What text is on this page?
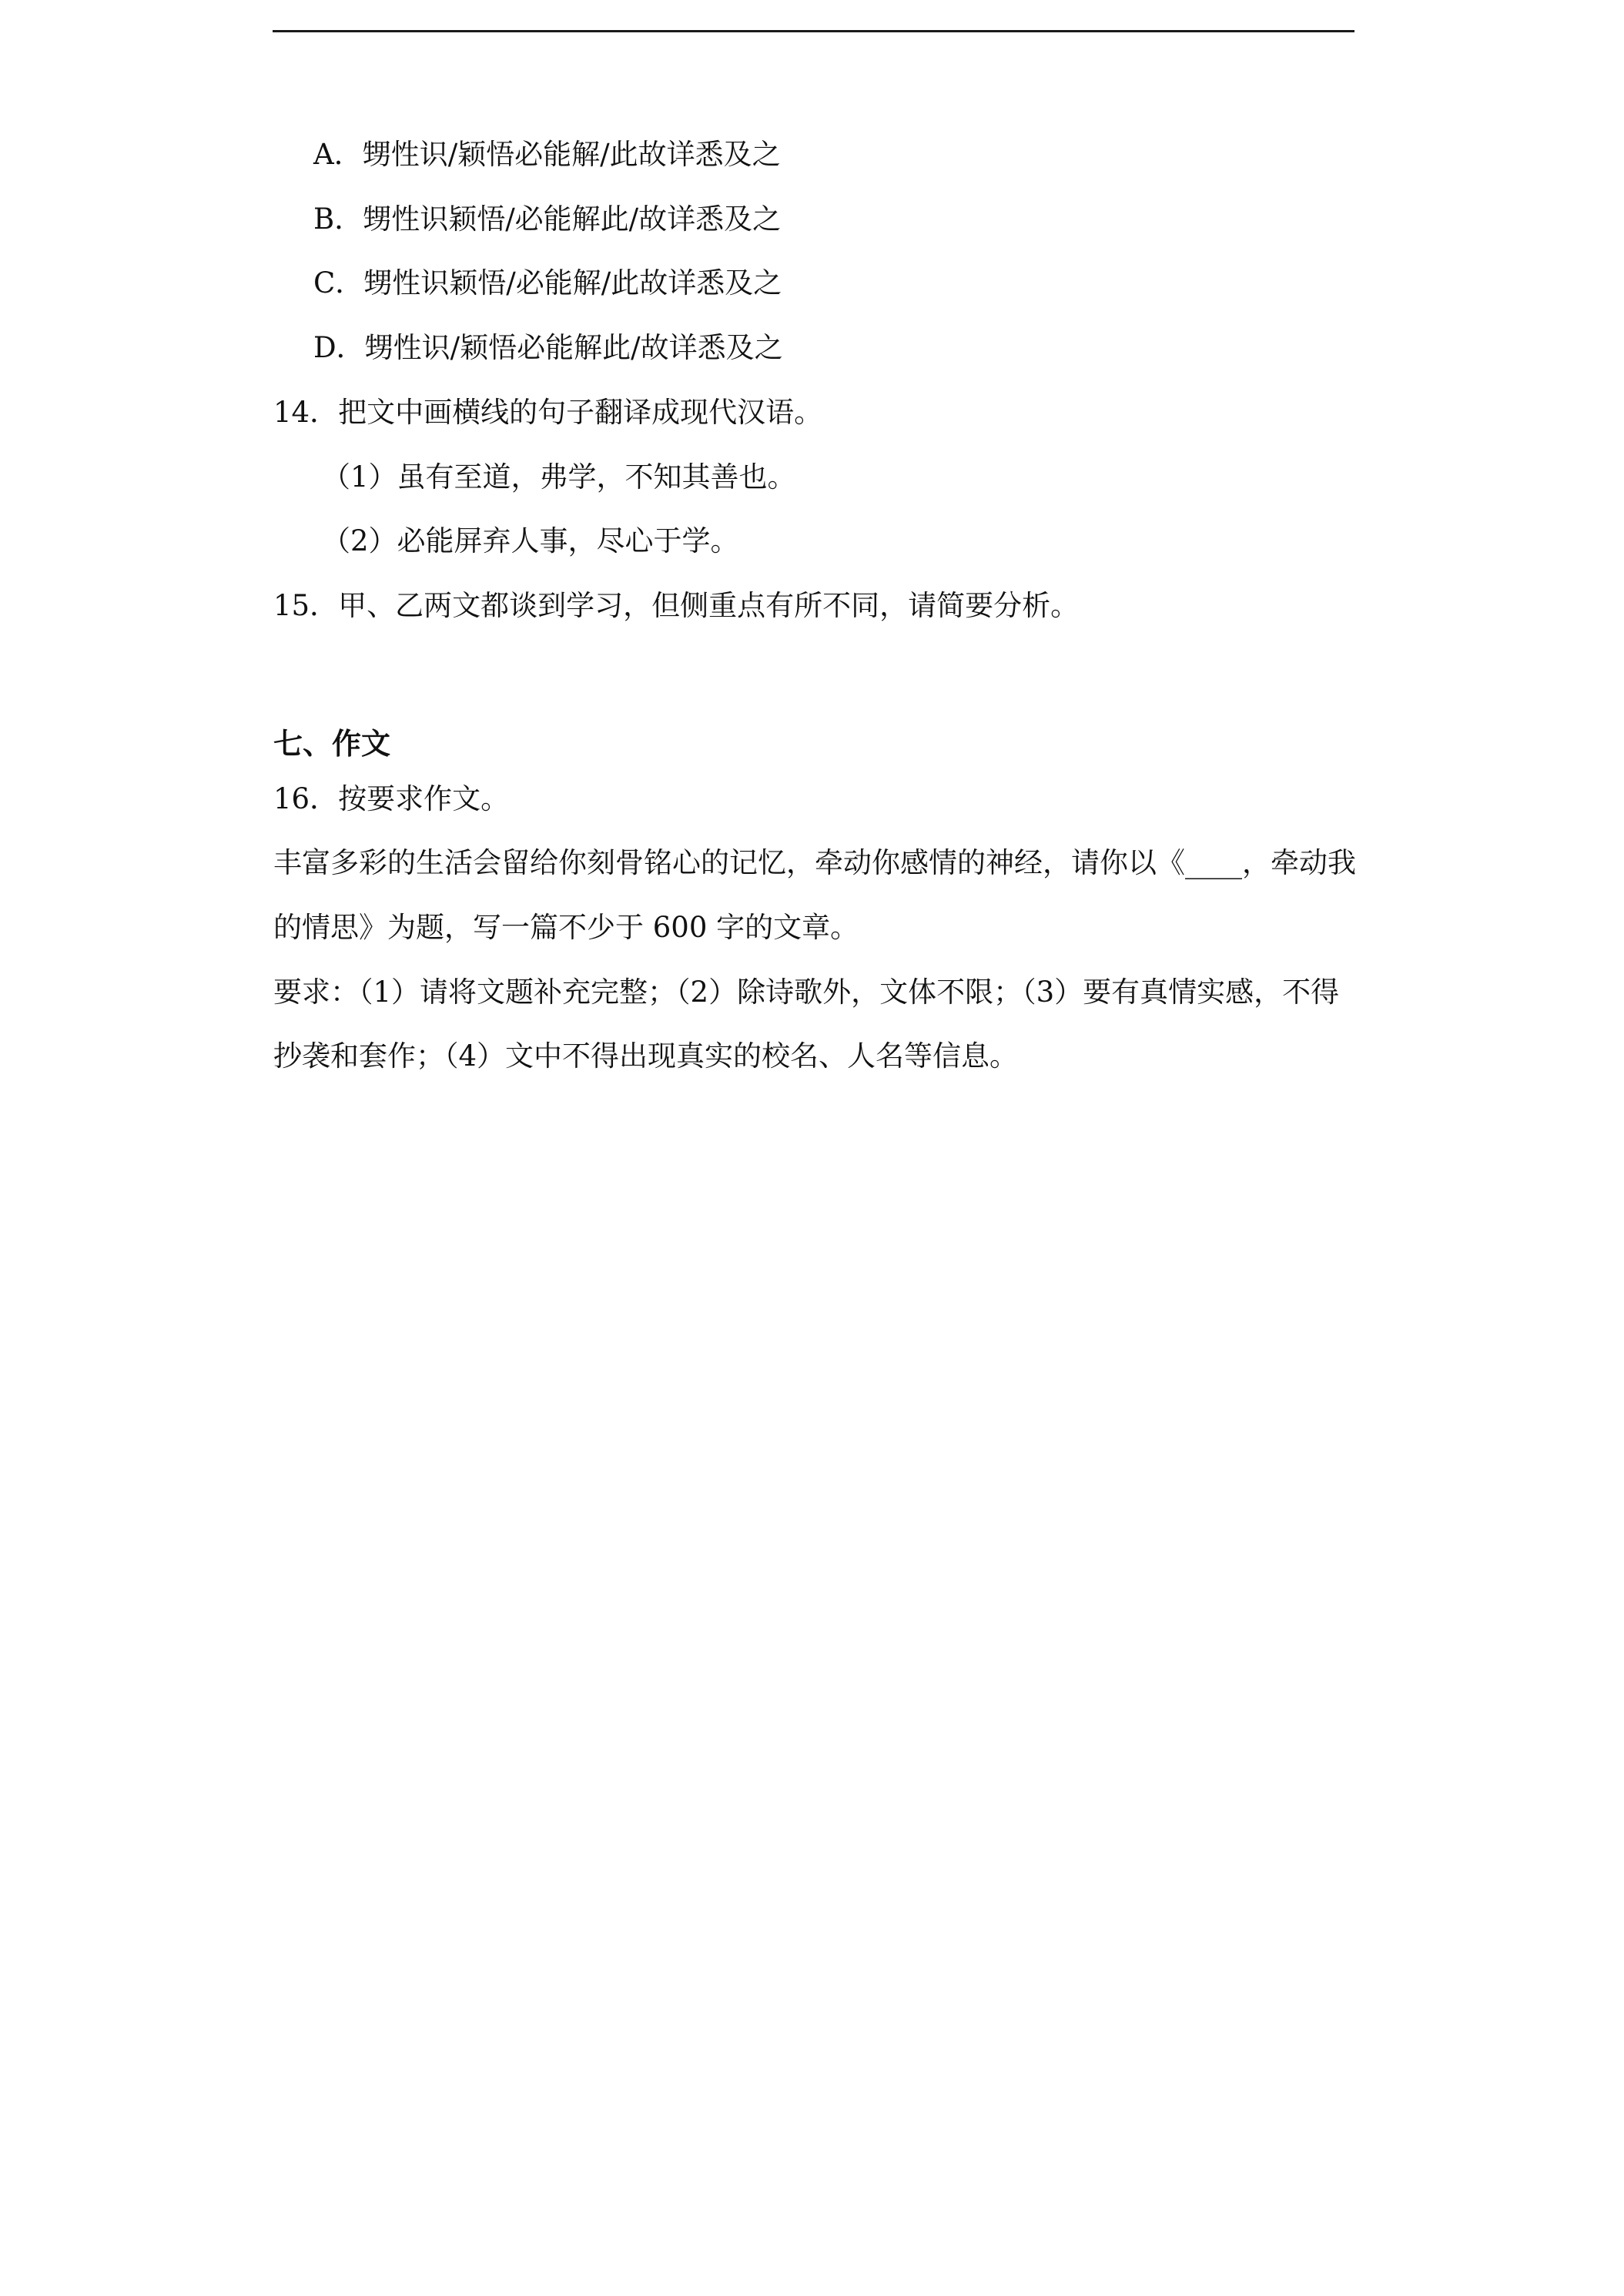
A．甥性识/颖悟必能解/此故详悉及之
B．甥性识颖悟/必能解此/故详悉及之
C．甥性识颖悟/必能解/此故详悉及之
D．甥性识/颖悟必能解此/故详悉及之
14．把文中画横线的句子翻译成现代汉语。
（1）虽有至道，弗学，不知其善也。
（2）必能屏弃人事，尽心于学。
15．甲、乙两文都谈到学习，但侧重点有所不同，请简要分析。
七、作文
16．按要求作文。
丰富多彩的生活会留给你刻骨铭心的记忆，牵动你感情的神经，请你以《____，牵动我
的情思》为题，写一篇不少于 600 字的文章。
要求：（1）请将文题补充完整；（2）除诗歌外，文体不限；（3）要有真情实感，不得
抄袭和套作；（4）文中不得出现真实的校名、人名等信息。
